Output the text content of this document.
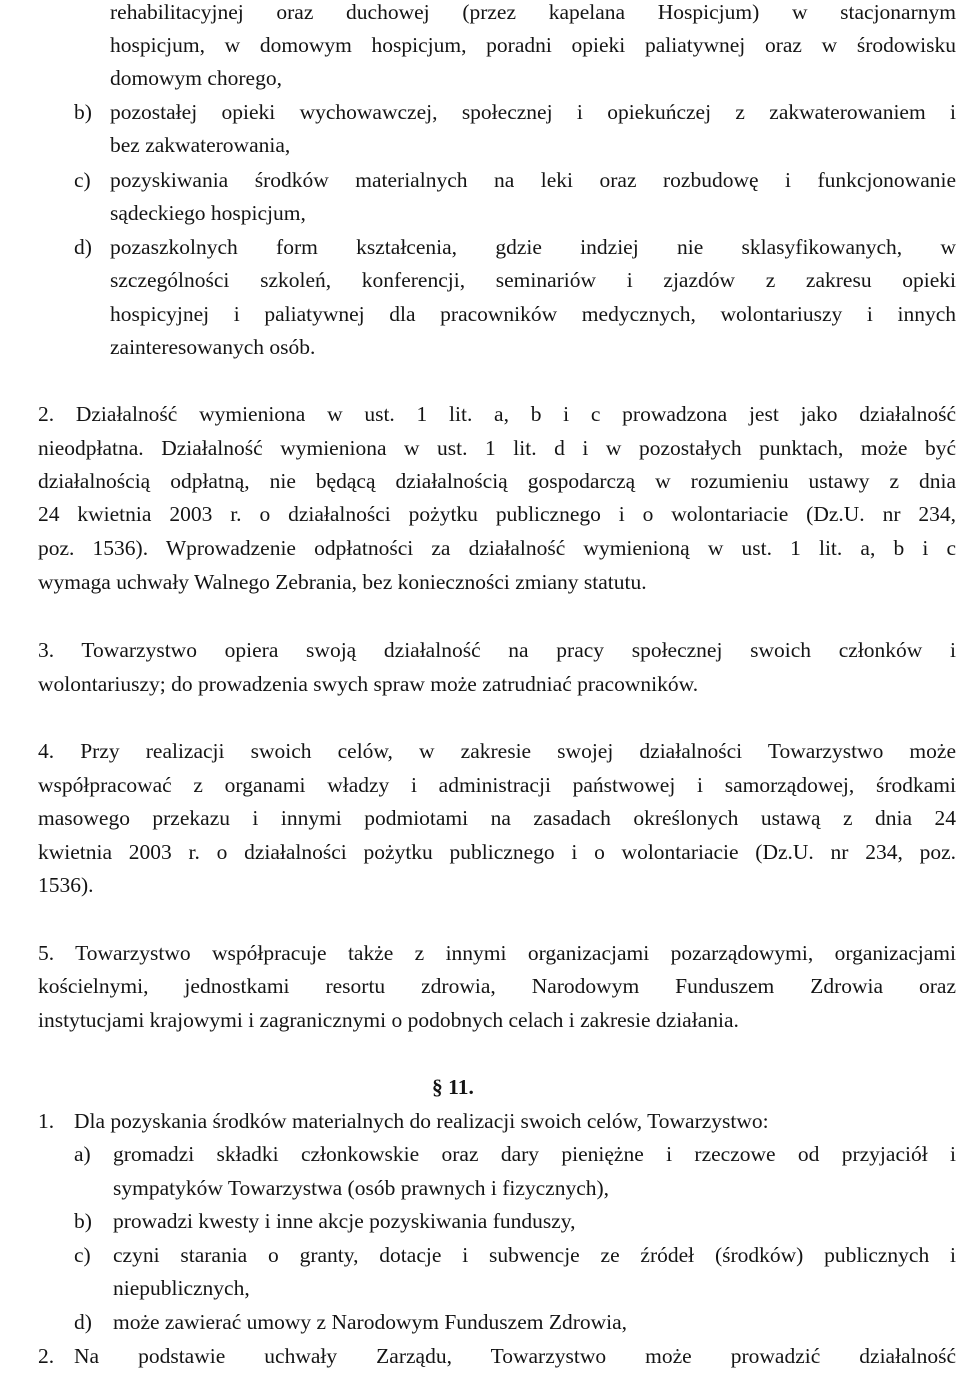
rehabilitacyjnej oraz duchowej (przez kapelana Hospicjum) w stacjonarnym
hospicjum, w domowym hospicjum, poradni opieki paliatywnej oraz w środowisku
domowym chorego,
b) pozostałej opieki wychowawczej, społecznej i opiekuńczej z zakwaterowaniem i
bez zakwaterowania,
c) pozyskiwania środków materialnych na leki oraz rozbudowę i funkcjonowanie
sądeckiego hospicjum,
d) pozaszkolnych form kształcenia, gdzie indziej nie sklasyfikowanych, w
szczególności szkoleń, konferencji, seminariów i zjazdów z zakresu opieki
hospicyjnej i paliatywnej dla pracowników medycznych, wolontariuszy i innych
zainteresowanych osób.
2. Działalność wymieniona w ust. 1 lit. a, b i c prowadzona jest jako działalność
nieodpłatna. Działalność wymieniona w ust. 1 lit. d i w pozostałych punktach, może być
działalnością odpłatną, nie będącą działalnością gospodarczą w rozumieniu ustawy z dnia
24 kwietnia 2003 r. o działalności pożytku publicznego i o wolontariacie (Dz.U. nr 234,
poz. 1536). Wprowadzenie odpłatności za działalność wymienioną w ust. 1 lit. a, b i c
wymaga uchwały Walnego Zebrania, bez konieczności zmiany statutu.
3. Towarzystwo opiera swoją działalność na pracy społecznej swoich członków i
wolontariuszy; do prowadzenia swych spraw może zatrudniać pracowników.
4. Przy realizacji swoich celów, w zakresie swojej działalności Towarzystwo może
współpracować z organami władzy i administracji państwowej i samorządowej, środkami
masowego przekazu i innymi podmiotami na zasadach określonych ustawą z dnia 24
kwietnia 2003 r. o działalności pożytku publicznego i o wolontariacie (Dz.U. nr 234, poz.
1536).
5. Towarzystwo współpracuje także z innymi organizacjami pozarządowymi, organizacjami
kościelnymi, jednostkami resortu zdrowia, Narodowym Funduszem Zdrowia oraz
instytucjami krajowymi i zagranicznymi o podobnych celach i zakresie działania.
§ 11.
1. Dla pozyskania środków materialnych do realizacji swoich celów, Towarzystwo:
a) gromadzi składki członkowskie oraz dary pieniężne i rzeczowe od przyjaciół i
sympatyków Towarzystwa (osób prawnych i fizycznych),
b) prowadzi kwesty i inne akcje pozyskiwania funduszy,
c) czyni starania o granty, dotacje i subwencje ze źródeł (środków) publicznych i
niepublicznych,
d) może zawierać umowy z Narodowym Funduszem Zdrowia,
2. Na podstawie uchwały Zarządu, Towarzystwo może prowadzić działalność
